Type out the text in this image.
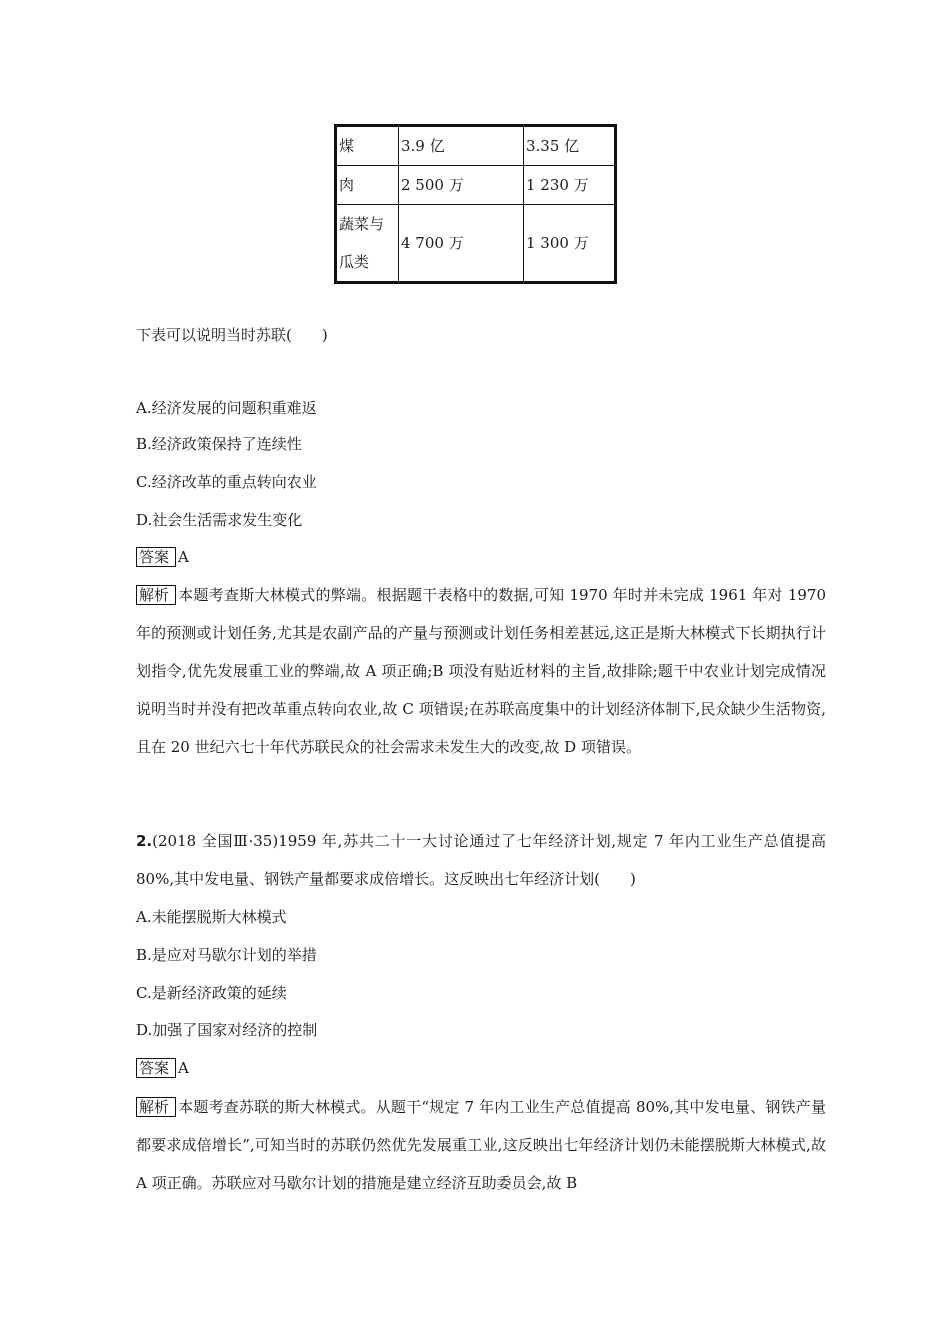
煤	3.9 亿	3.35 亿
肉	2 500 万	1 230 万
蔬菜与瓜类	4 700 万	1 300 万
下表可以说明当时苏联(　　)
A.经济发展的问题积重难返
B.经济政策保持了连续性
C.经济改革的重点转向农业
D.社会生活需求发生变化
答案 A
解析 本题考查斯大林模式的弊端。根据题干表格中的数据,可知 1970 年时并未完成 1961 年对 1970 年的预测或计划任务,尤其是农副产品的产量与预测或计划任务相差甚远,这正是斯大林模式下长期执行计划指令,优先发展重工业的弊端,故 A 项正确;B 项没有贴近材料的主旨,故排除;题干中农业计划完成情况说明当时并没有把改革重点转向农业,故 C 项错误;在苏联高度集中的计划经济体制下,民众缺少生活物资,且在 20 世纪六七十年代苏联民众的社会需求未发生大的改变,故 D 项错误。
2.(2018 全国Ⅲ·35)1959 年,苏共二十一大讨论通过了七年经济计划,规定 7 年内工业生产总值提高 80%,其中发电量、钢铁产量都要求成倍增长。这反映出七年经济计划(　　)
A.未能摆脱斯大林模式
B.是应对马歇尔计划的举措
C.是新经济政策的延续
D.加强了国家对经济的控制
答案 A
解析 本题考查苏联的斯大林模式。从题干“规定 7 年内工业生产总值提高 80%,其中发电量、钢铁产量都要求成倍增长”,可知当时的苏联仍然优先发展重工业,这反映出七年经济计划仍未能摆脱斯大林模式,故 A 项正确。苏联应对马歇尔计划的措施是建立经济互助委员会,故 B
